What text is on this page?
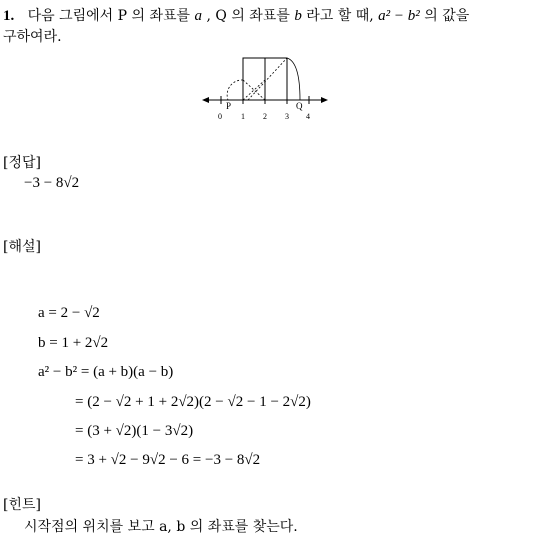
1. 다음 그림에서 P 의 좌표를 a , Q 의 좌표를 b 라고 할 때, a² − b² 의 값을
구하여라.
P	Q
0 1 2 3 4
[정답]
−3 − 8√2
[해설]
a = 2 − √2
b = 1 + 2√2
a² − b² = (a + b)(a − b)
= (2 − √2 + 1 + 2√2)(2 − √2 − 1 − 2√2)
= (3 + √2)(1 − 3√2)
= 3 + √2 − 9√2 − 6 = −3 − 8√2
[힌트]
시작점의 위치를 보고 a, b 의 좌표를 찾는다.
